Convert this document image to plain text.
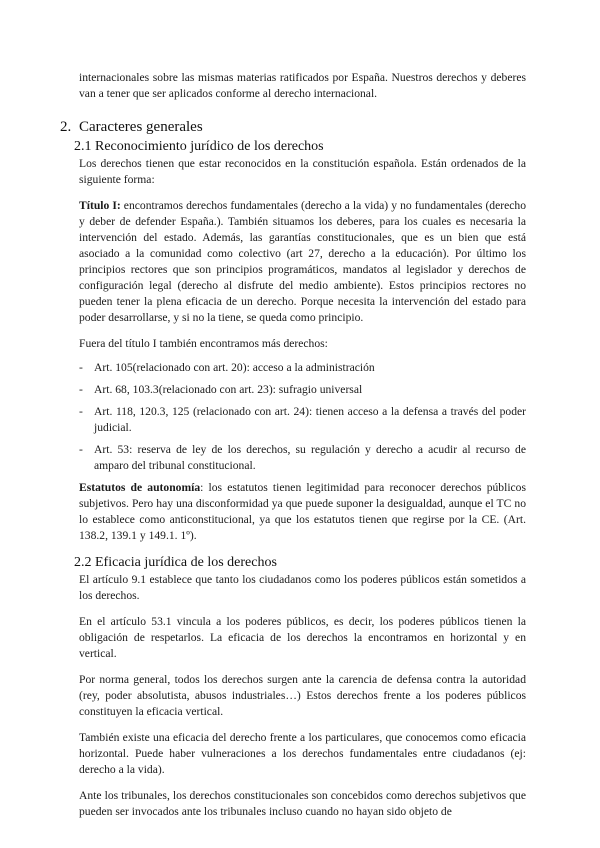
internacionales sobre las mismas materias ratificados por España. Nuestros derechos y deberes van a tener que ser aplicados conforme al derecho internacional.

2. Caracteres generales
2.1 Reconocimiento jurídico de los derechos

Los derechos tienen que estar reconocidos en la constitución española. Están ordenados de la siguiente forma:

Título I: encontramos derechos fundamentales (derecho a la vida) y no fundamentales (derecho y deber de defender España.). También situamos los deberes, para los cuales es necesaria la intervención del estado. Además, las garantías constitucionales, que es un bien que está asociado a la comunidad como colectivo (art 27, derecho a la educación). Por último los principios rectores que son principios programáticos, mandatos al legislador y derechos de configuración legal (derecho al disfrute del medio ambiente). Estos principios rectores no pueden tener la plena eficacia de un derecho. Porque necesita la intervención del estado para poder desarrollarse, y si no la tiene, se queda como principio.

Fuera del título I también encontramos más derechos:

- Art. 105(relacionado con art. 20): acceso a la administración
- Art. 68, 103.3(relacionado con art. 23): sufragio universal
- Art. 118, 120.3, 125 (relacionado con art. 24): tienen acceso a la defensa a través del poder judicial.
- Art. 53: reserva de ley de los derechos, su regulación y derecho a acudir al recurso de amparo del tribunal constitucional.

Estatutos de autonomía: los estatutos tienen legitimidad para reconocer derechos públicos subjetivos. Pero hay una disconformidad ya que puede suponer la desigualdad, aunque el TC no lo establece como anticonstitucional, ya que los estatutos tienen que regirse por la CE. (Art. 138.2, 139.1 y 149.1. 1º).

2.2 Eficacia jurídica de los derechos

El artículo 9.1 establece que tanto los ciudadanos como los poderes públicos están sometidos a los derechos.

En el artículo 53.1 vincula a los poderes públicos, es decir, los poderes públicos tienen la obligación de respetarlos. La eficacia de los derechos la encontramos en horizontal y en vertical.

Por norma general, todos los derechos surgen ante la carencia de defensa contra la autoridad (rey, poder absolutista, abusos industriales…) Estos derechos frente a los poderes públicos constituyen la eficacia vertical.

También existe una eficacia del derecho frente a los particulares, que conocemos como eficacia horizontal. Puede haber vulneraciones a los derechos fundamentales entre ciudadanos (ej: derecho a la vida).

Ante los tribunales, los derechos constitucionales son concebidos como derechos subjetivos que pueden ser invocados ante los tribunales incluso cuando no hayan sido objeto de
